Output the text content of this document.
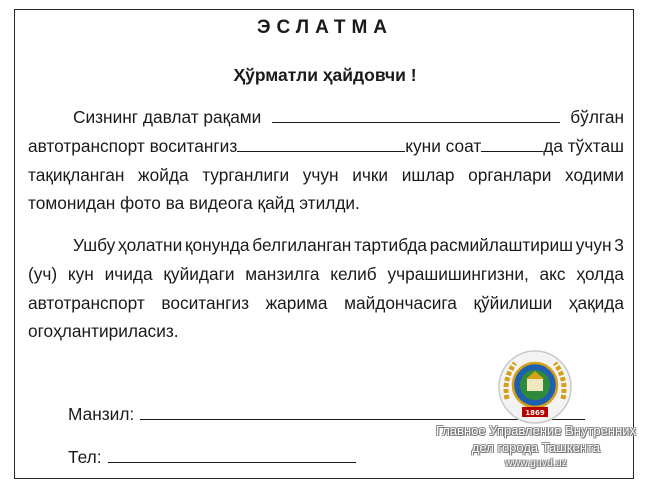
ЭСЛАТМА
Ҳўрматли ҳайдовчи !
Сизнинг давлат рақами	бўлган
автотранспорт воситангиз	куни соат	да тўхташ
тақиқланган жойда турганлиги учун ички ишлар органлари ходими
томонидан фото ва видеога қайд этилди.
Ушбу ҳолатни қонунда белгиланган тартибда расмийлаштириш учун 3
(уч) кун ичида қуйидаги манзилга келиб учрашишингизни, акс ҳолда
автотранспорт воситангиз жарима майдончасига қўйилиши ҳақида
огоҳлантириласиз.
Манзил:
Тел:
1869
Главное Управление Внутренних
дел города Ташкента
www.guvd.uz
